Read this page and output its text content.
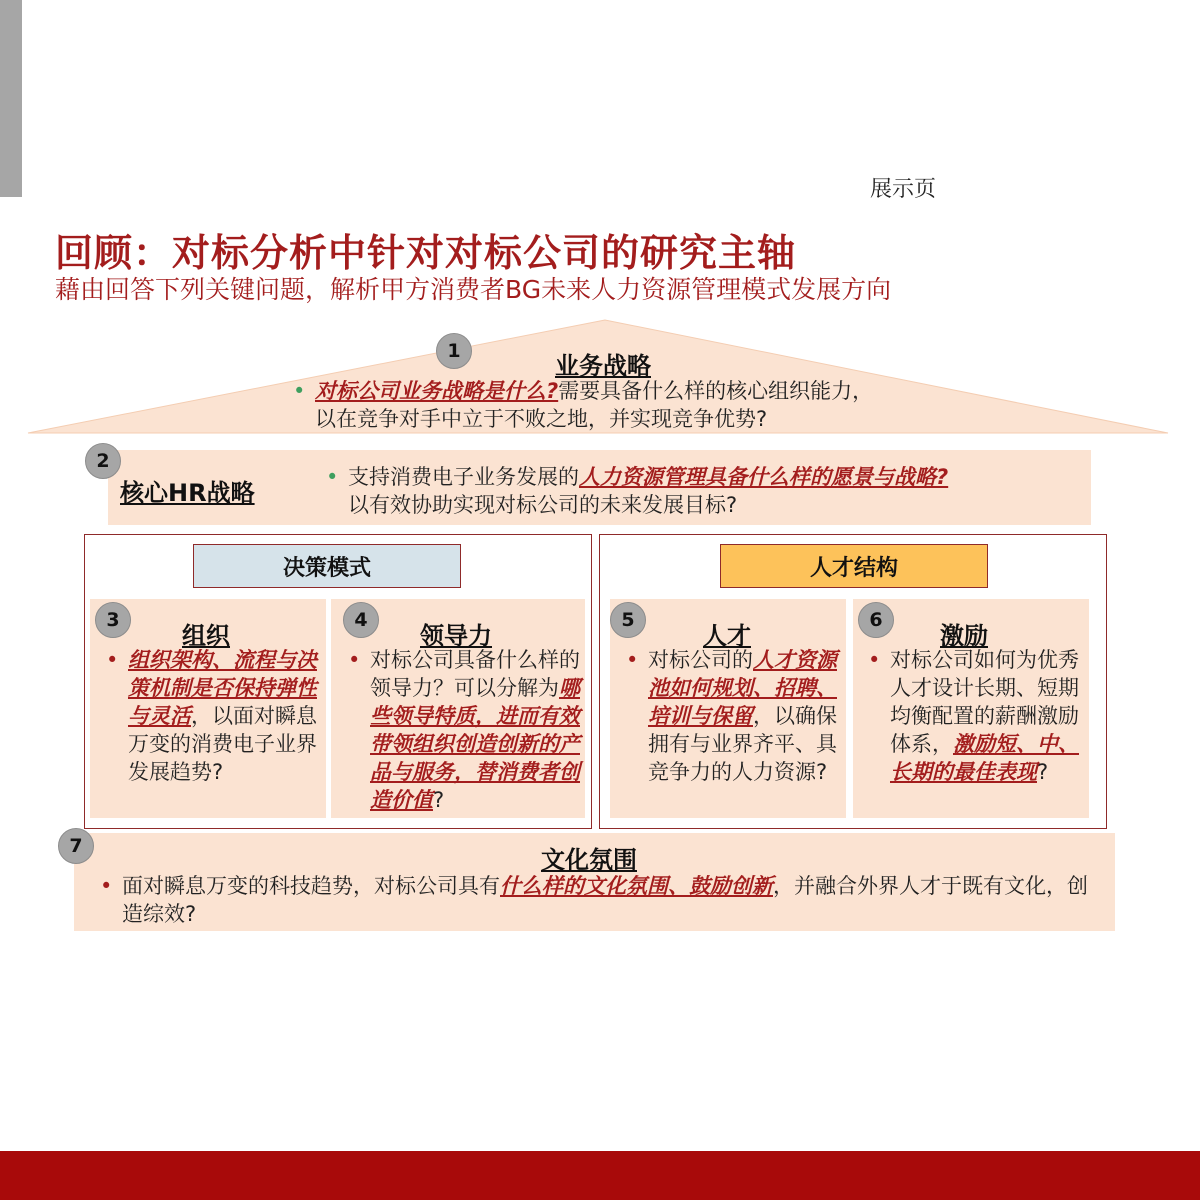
展示页
回顾：对标分析中针对对标公司的研究主轴
藉由回答下列关键问题，解析甲方消费者BG未来人力资源管理模式发展方向
1
业务战略
• 对标公司业务战略是什么?需要具备什么样的核心组织能力，
以在竞争对手中立于不败之地，并实现竞争优势?
2
核心HR战略
• 支持消费电子业务发展的人力资源管理具备什么样的愿景与战略?
以有效协助实现对标公司的未来发展目标?
决策模式	人才结构
3
组织
• 组织架构、流程与决策机制是否保持弹性与灵活，以面对瞬息万变的消费电子业界发展趋势?
4
领导力
• 对标公司具备什么样的领导力？可以分解为哪些领导特质，进而有效带领组织创造创新的产品与服务，替消费者创造价值?
5
人才
• 对标公司的人才资源池如何规划、招聘、培训与保留，以确保拥有与业界齐平、具竞争力的人力资源?
6
激励
• 对标公司如何为优秀人才设计长期、短期均衡配置的薪酬激励体系，激励短、中、长期的最佳表现?
7	文化氛围
• 面对瞬息万变的科技趋势，对标公司具有什么样的文化氛围、鼓励创新，并融合外界人才于既有文化，创造综效?
